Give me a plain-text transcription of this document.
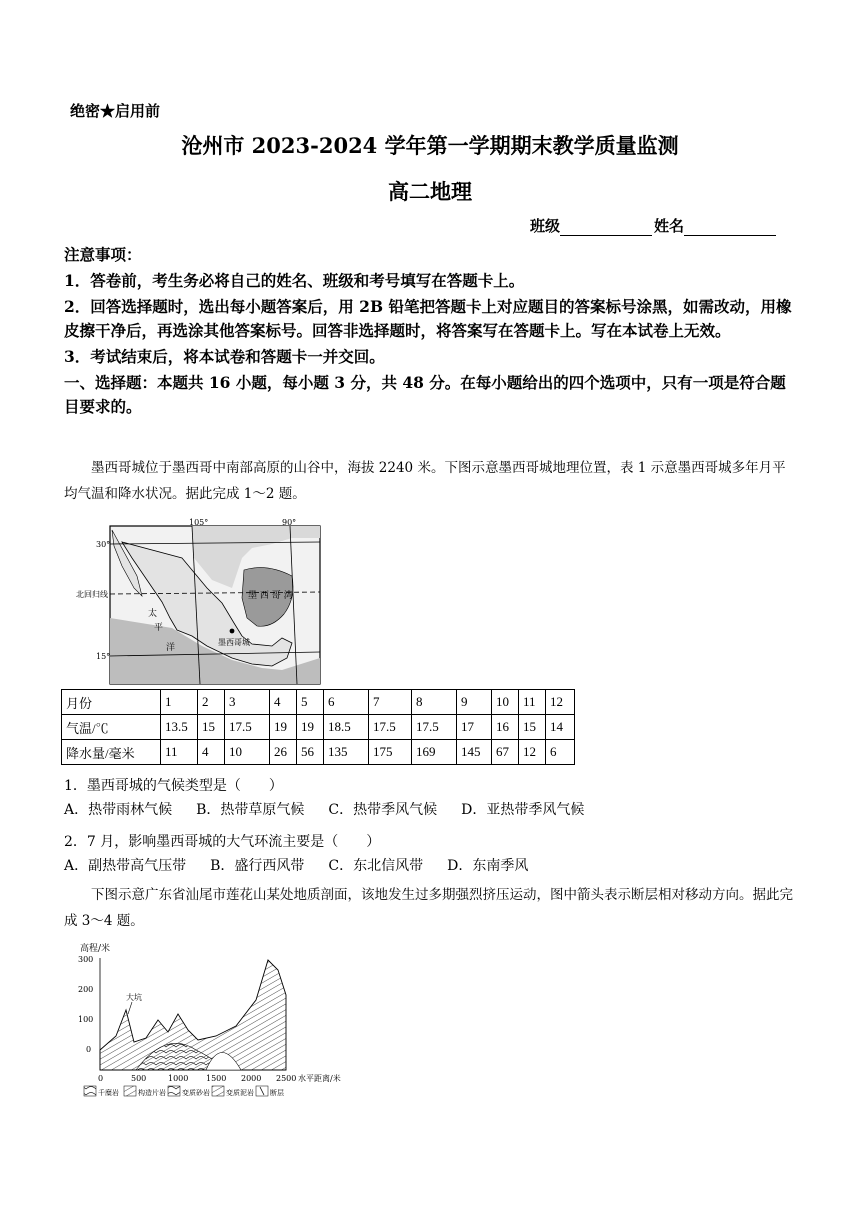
绝密★启用前
沧州市 2023-2024 学年第一学期期末教学质量监测
高二地理
班级	姓名

注意事项：

1．答卷前，考生务必将自己的姓名、班级和考号填写在答题卡上。

2．回答选择题时，选出每小题答案后，用 2B 铅笔把答题卡上对应题目的答案标号涂黑，如需改动，用橡皮擦干净后，再选涂其他答案标号。回答非选择题时，将答案写在答题卡上。写在本试卷上无效。

3．考试结束后，将本试卷和答题卡一并交回。

一、选择题：本题共 16 小题，每小题 3 分，共 48 分。在每小题给出的四个选项中，只有一项是符合题目要求的。

墨西哥城位于墨西哥中南部高原的山谷中，海拔 2240 米。下图示意墨西哥城地理位置，表 1 示意墨西哥城多年月平均气温和降水状况。据此完成 1～2 题。
105°	90°
30°
15°
北回归线
太
平
洋
墨 西 哥 湾
墨西哥城
月份	1	2	3	4	5	6	7	8	9	10	11	12
气温/℃	13.5	15	17.5	19	19	18.5	17.5	17.5	17	16	15	14
降水量/毫米	11	4	10	26	56	135	175	169	145	67	12	6
1．墨西哥城的气候类型是（　　）
A．热带雨林气候 B．热带草原气候 C．热带季风气候 D．亚热带季风气候
2．7 月，影响墨西哥城的大气环流主要是（　　）
A．副热带高气压带 B．盛行西风带 C．东北信风带 D．东南季风
下图示意广东省汕尾市莲花山某处地质剖面，该地发生过多期强烈挤压运动，图中箭头表示断层相对移动方向。据此完成 3～4 题。
高程/米
300
200
100
0
大坑
0	500	1000 1500 2000 2500 水平距离/米
千糜岩	构造片岩 变质砂岩 变质泥岩 断层
